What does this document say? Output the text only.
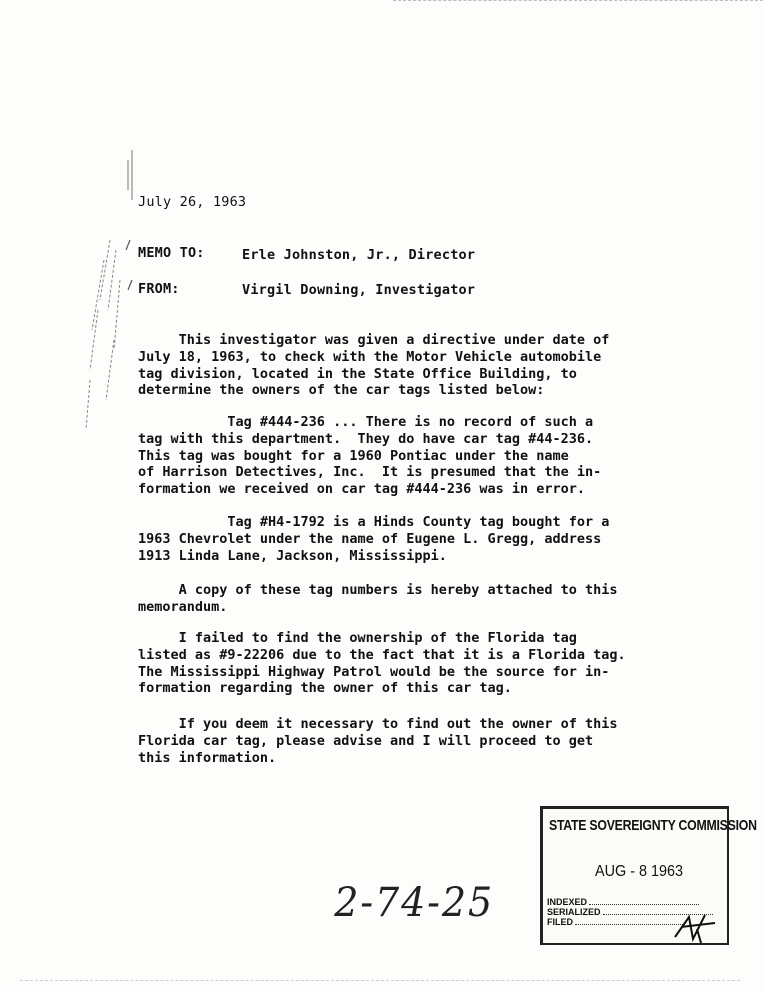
July 26, 1963
MEMO TO:	Erle Johnston, Jr., Director
FROM:	Virgil Downing, Investigator
This investigator was given a directive under date of
July 18, 1963, to check with the Motor Vehicle automobile
tag division, located in the State Office Building, to
determine the owners of the car tags listed below:
Tag #444-236 ... There is no record of such a
tag with this department.  They do have car tag #44-236.
This tag was bought for a 1960 Pontiac under the name
of Harrison Detectives, Inc.  It is presumed that the in-
formation we received on car tag #444-236 was in error.
Tag #H4-1792 is a Hinds County tag bought for a
1963 Chevrolet under the name of Eugene L. Gregg, address
1913 Linda Lane, Jackson, Mississippi.
A copy of these tag numbers is hereby attached to this
memorandum.
I failed to find the ownership of the Florida tag
listed as #9-22206 due to the fact that it is a Florida tag.
The Mississippi Highway Patrol would be the source for in-
formation regarding the owner of this car tag.
If you deem it necessary to find out the owner of this
Florida car tag, please advise and I will proceed to get
this information.
STATE SOVEREIGNTY COMMISSION
AUG - 8 1963
INDEXED
SERIALIZED
FILED
2-74-25
